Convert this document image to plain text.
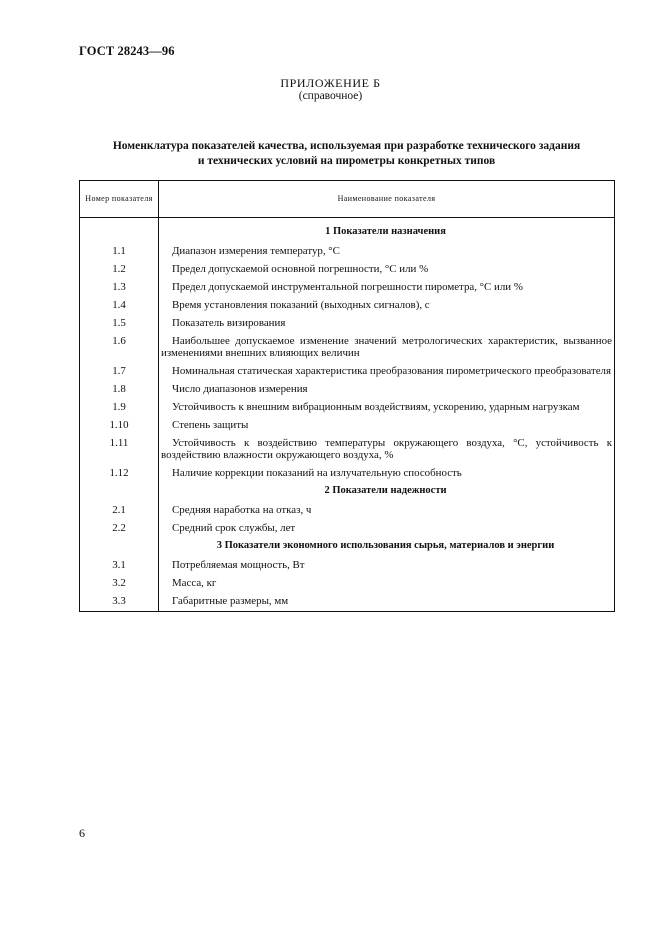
ГОСТ 28243—96
ПРИЛОЖЕНИЕ Б
(справочное)
Номенклатура показателей качества, используемая при разработке технического задания
и технических условий на пирометры конкретных типов
Номер показателя	Наименование показателя
	1 Показатели назначения
1.1	Диапазон измерения температур, °С
1.2	Предел допускаемой основной погрешности, °С или %
1.3	Предел допускаемой инструментальной погрешности пирометра, °С или %
1.4	Время установления показаний (выходных сигналов), с
1.5	Показатель визирования
1.6	Наибольшее допускаемое изменение значений метрологических характеристик, вызванное изменениями внешних влияющих величин
1.7	Номинальная статическая характеристика преобразования пирометрического преобразователя
1.8	Число диапазонов измерения
1.9	Устойчивость к внешним вибрационным воздействиям, ускорению, ударным нагрузкам
1.10	Степень защиты
1.11	Устойчивость к воздействию температуры окружающего воздуха, °С, устойчивость к воздействию влажности окружающего воздуха, %
1.12	Наличие коррекции показаний на излучательную способность
	2 Показатели надежности
2.1	Средняя наработка на отказ, ч
2.2	Средний срок службы, лет
	3 Показатели экономного использования сырья, материалов и энергии
3.1	Потребляемая мощность, Вт
3.2	Масса, кг
3.3	Габаритные размеры, мм
6
